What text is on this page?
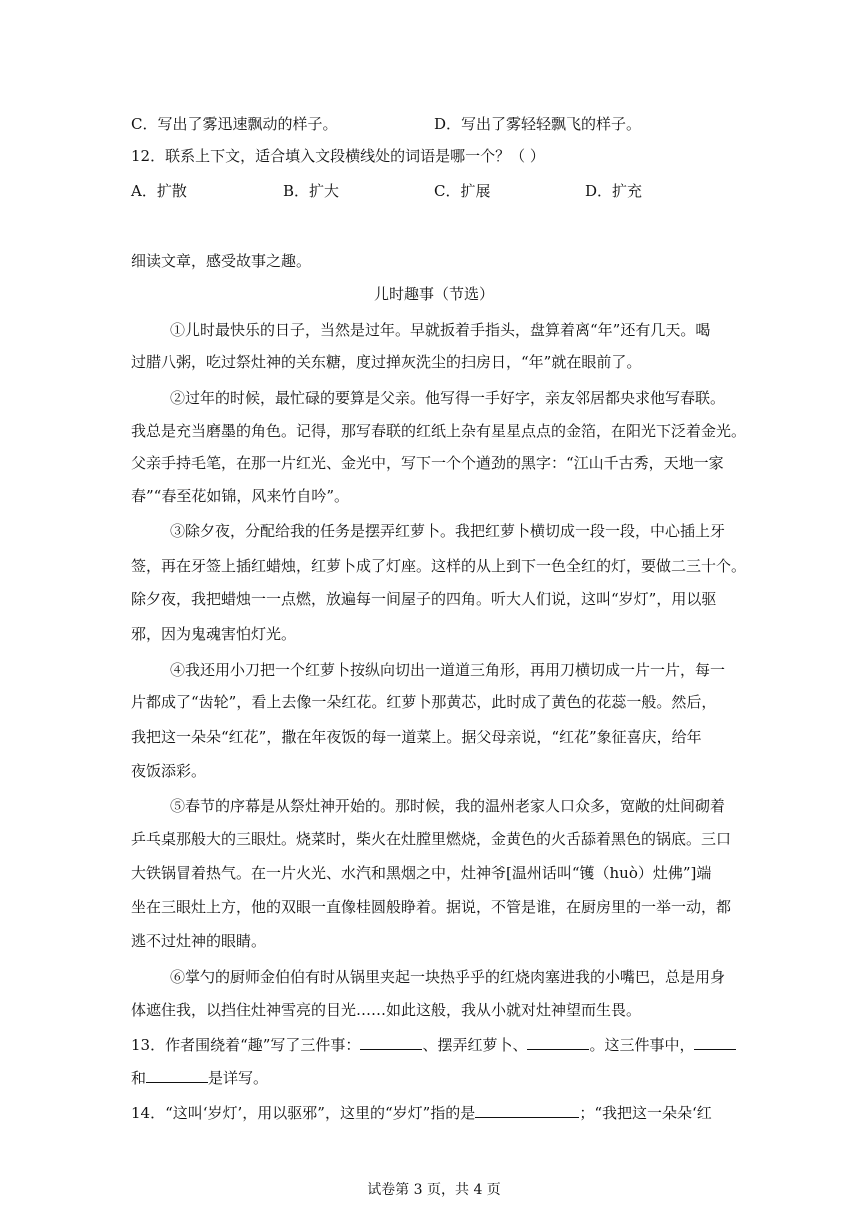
C．写出了雾迅速飘动的样子。	D．写出了雾轻轻飘飞的样子。
12．联系上下文，适合填入文段横线处的词语是哪一个？（ ）
A．扩散	B．扩大	C．扩展	D．扩充
细读文章，感受故事之趣。
儿时趣事（节选）
①儿时最快乐的日子，当然是过年。早就扳着手指头，盘算着离“年”还有几天。喝
过腊八粥，吃过祭灶神的关东糖，度过掸灰洗尘的扫房日，“年”就在眼前了。
②过年的时候，最忙碌的要算是父亲。他写得一手好字，亲友邻居都央求他写春联。
我总是充当磨墨的角色。记得，那写春联的红纸上杂有星星点点的金箔，在阳光下泛着金光。
父亲手持毛笔，在那一片红光、金光中，写下一个个遒劲的黑字：“江山千古秀，天地一家
春”“春至花如锦，风来竹自吟”。
③除夕夜，分配给我的任务是摆弄红萝卜。我把红萝卜横切成一段一段，中心插上牙
签，再在牙签上插红蜡烛，红萝卜成了灯座。这样的从上到下一色全红的灯，要做二三十个。
除夕夜，我把蜡烛一一点燃，放遍每一间屋子的四角。听大人们说，这叫“岁灯”，用以驱
邪，因为鬼魂害怕灯光。
④我还用小刀把一个红萝卜按纵向切出一道道三角形，再用刀横切成一片一片，每一
片都成了“齿轮”，看上去像一朵红花。红萝卜那黄芯，此时成了黄色的花蕊一般。然后，
我把这一朵朵“红花”，撒在年夜饭的每一道菜上。据父母亲说，“红花”象征喜庆，给年
夜饭添彩。
⑤春节的序幕是从祭灶神开始的。那时候，我的温州老家人口众多，宽敞的灶间砌着
乒乓桌那般大的三眼灶。烧菜时，柴火在灶膛里燃烧，金黄色的火舌舔着黑色的锅底。三口
大铁锅冒着热气。在一片火光、水汽和黑烟之中，灶神爷[温州话叫“镬（huò）灶佛”]端
坐在三眼灶上方，他的双眼一直像桂圆般睁着。据说，不管是谁，在厨房里的一举一动，都
逃不过灶神的眼睛。
⑥掌勺的厨师金伯伯有时从锅里夹起一块热乎乎的红烧肉塞进我的小嘴巴，总是用身
体遮住我，以挡住灶神雪亮的目光……如此这般，我从小就对灶神望而生畏。
13．作者围绕着“趣”写了三件事：	、摆弄红萝卜、	。这三件事中，
和	是详写。
14．“这叫‘岁灯’，用以驱邪”，这里的“岁灯”指的是	；“我把这一朵朵‘红
试卷第 3 页，共 4 页
